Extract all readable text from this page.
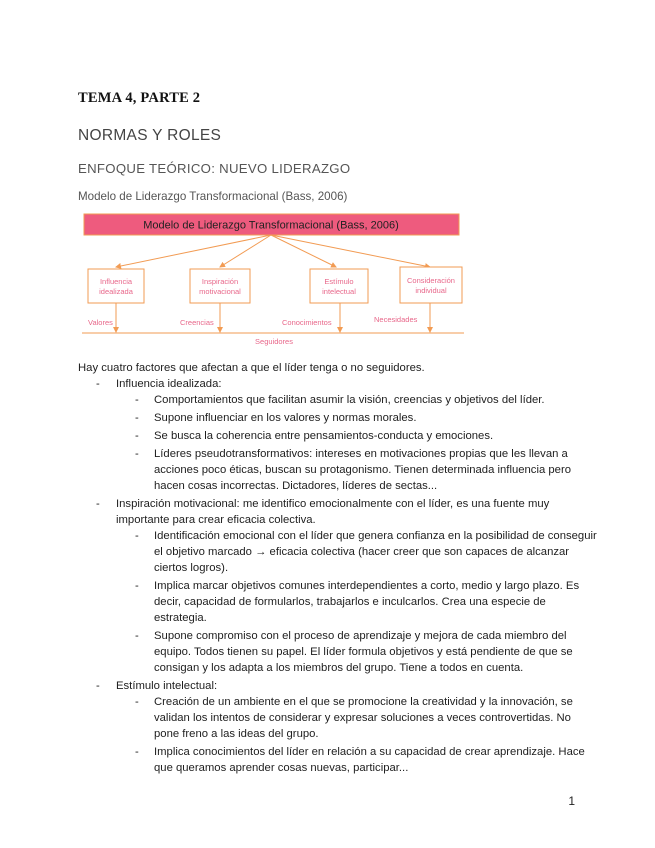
TEMA 4, PARTE 2
NORMAS Y ROLES
ENFOQUE TEÓRICO: NUEVO LIDERAZGO
Modelo de Liderazgo Transformacional (Bass, 2006)
Modelo de Liderazgo Transformacional (Bass, 2006)
Influencia
idealizada
Inspiración
motivacional
Estímulo
intelectual
Consideración
individual
Valores	Creencias	Conocimientos	Necesidades
Seguidores
Hay cuatro factores que afectan a que el líder tenga o no seguidores.
- Influencia idealizada:
- Comportamientos que facilitan asumir la visión, creencias y objetivos del líder.
- Supone influenciar en los valores y normas morales.
- Se busca la coherencia entre pensamientos-conducta y emociones.
- Líderes pseudotransformativos: intereses en motivaciones propias que les llevan a acciones poco éticas, buscan su protagonismo. Tienen determinada influencia pero hacen cosas incorrectas. Dictadores, líderes de sectas...
- Inspiración motivacional: me identifico emocionalmente con el líder, es una fuente muy importante para crear eficacia colectiva.
- Identificación emocional con el líder que genera confianza en la posibilidad de conseguir el objetivo marcado → eficacia colectiva (hacer creer que son capaces de alcanzar ciertos logros).
- Implica marcar objetivos comunes interdependientes a corto, medio y largo plazo. Es decir, capacidad de formularlos, trabajarlos e inculcarlos. Crea una especie de estrategia.
- Supone compromiso con el proceso de aprendizaje y mejora de cada miembro del equipo. Todos tienen su papel. El líder formula objetivos y está pendiente de que se consigan y los adapta a los miembros del grupo. Tiene a todos en cuenta.
- Estímulo intelectual:
- Creación de un ambiente en el que se promocione la creatividad y la innovación, se validan los intentos de considerar y expresar soluciones a veces controvertidas. No pone freno a las ideas del grupo.
- Implica conocimientos del líder en relación a su capacidad de crear aprendizaje. Hace que queramos aprender cosas nuevas, participar...
1
